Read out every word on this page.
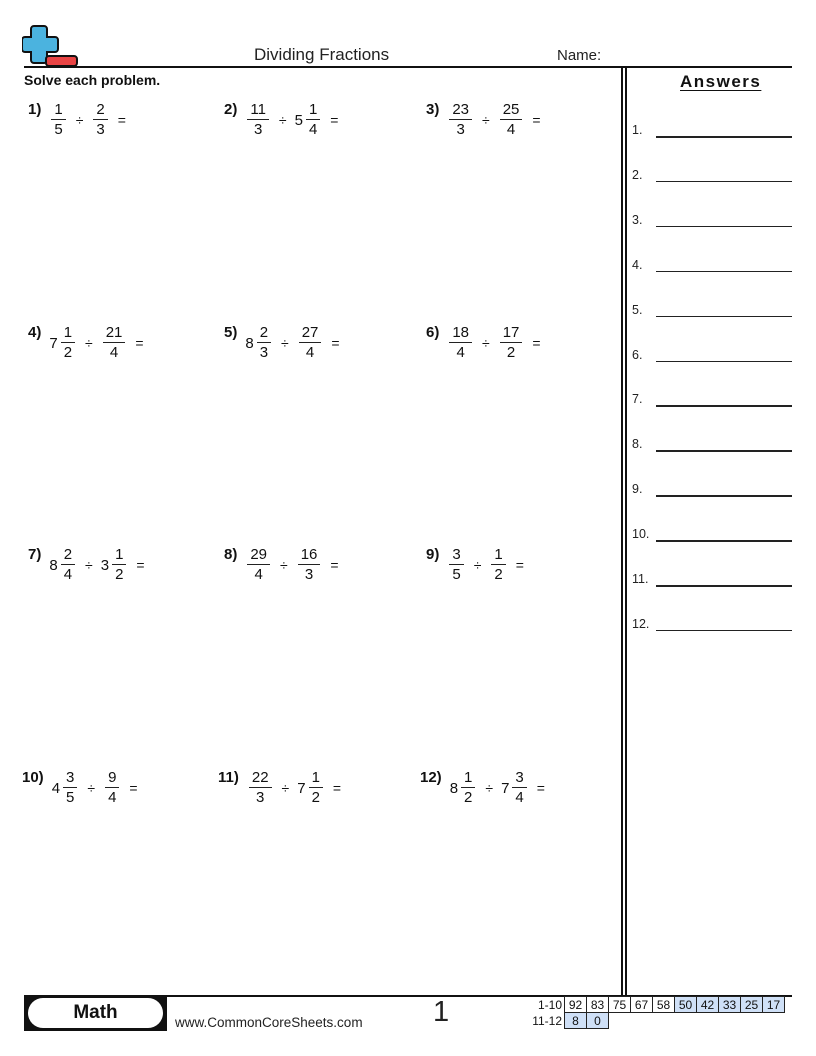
Dividing Fractions	Name:
Solve each problem.
$1) \frac{1}{5} \div \frac{2}{3}$ =
$2) \frac{11}{3} \div 5 \frac{1}{4}$ =
$3) \frac{23}{3} \div \frac{25}{4}$ =
4)
$7 \frac{1}{2} \div \frac{21}{4}$ =
5)
$8 \frac{2}{3} \div \frac{27}{4}$ =
$6) \frac{18}{4} \div \frac{17}{2}$ =
7)
$8 \frac{2}{4} \div 3 \frac{1}{2}$ =
$8) \frac{29}{4} \div \frac{16}{3}$ =
$9) \frac{3}{5} \div \frac{1}{2}$ =
10)
$4 \frac{3}{5} \div \frac{9}{4}$ =
$11) \frac{22}{3} \div 7 \frac{1}{2}$ =
12)
$8 \frac{1}{2} \div 7 \frac{3}{4}$ =
Answers
1.
2.
3.
4.
5.
6.
7.
8.
9.
10.
11.
12.
Math	www.CommonCoreSheets.com 1	1-10	92	83	75	67	58	50	42	33	25	17
11-12	8	0								
